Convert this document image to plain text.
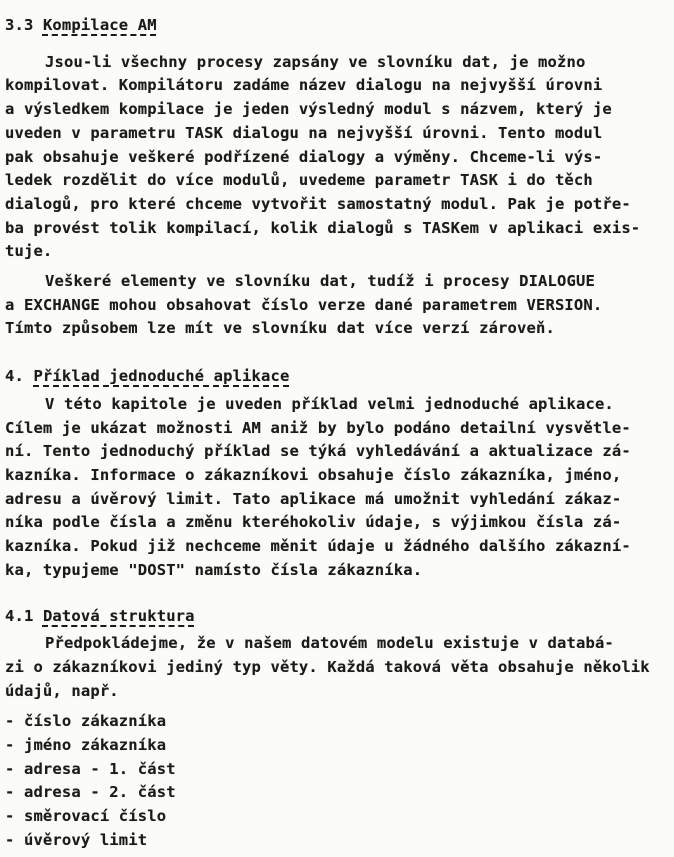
3.3 Kompilace AM
Jsou-li všechny procesy zapsány ve slovníku dat, je možno
kompilovat. Kompilátoru zadáme název dialogu na nejvyšší úrovni
a výsledkem kompilace je jeden výsledný modul s názvem, který je
uveden v parametru TASK dialogu na nejvyšší úrovni. Tento modul
pak obsahuje veškeré podřízené dialogy a výměny. Chceme-li výs-
ledek rozdělit do více modulů, uvedeme parametr TASK i do těch
dialogů, pro které chceme vytvořit samostatný modul. Pak je potře-
ba provést tolik kompilací, kolik dialogů s TASKem v aplikaci exis-
tuje.
Veškeré elementy ve slovníku dat, tudíž i procesy DIALOGUE
a EXCHANGE mohou obsahovat číslo verze dané parametrem VERSION.
Tímto způsobem lze mít ve slovníku dat více verzí zároveň.
4. Příklad jednoduché aplikace
V této kapitole je uveden příklad velmi jednoduché aplikace.
Cílem je ukázat možnosti AM aniž by bylo podáno detailní vysvětle-
ní. Tento jednoduchý příklad se týká vyhledávání a aktualizace zá-
kazníka. Informace o zákazníkovi obsahuje číslo zákazníka, jméno,
adresu a úvěrový limit. Tato aplikace má umožnit vyhledání zákaz-
níka podle čísla a změnu kteréhokoliv údaje, s výjimkou čísla zá-
kazníka. Pokud již nechceme měnit údaje u žádného dalšího zákazní-
ka, typujeme "DOST" namísto čísla zákazníka.
4.1 Datová struktura
Předpokládejme, že v našem datovém modelu existuje v databá-
zi o zákazníkovi jediný typ věty. Každá taková věta obsahuje několik
údajů, např.
- číslo zákazníka
- jméno zákazníka
- adresa - 1. část
- adresa - 2. část
- směrovací číslo
- úvěrový limit
